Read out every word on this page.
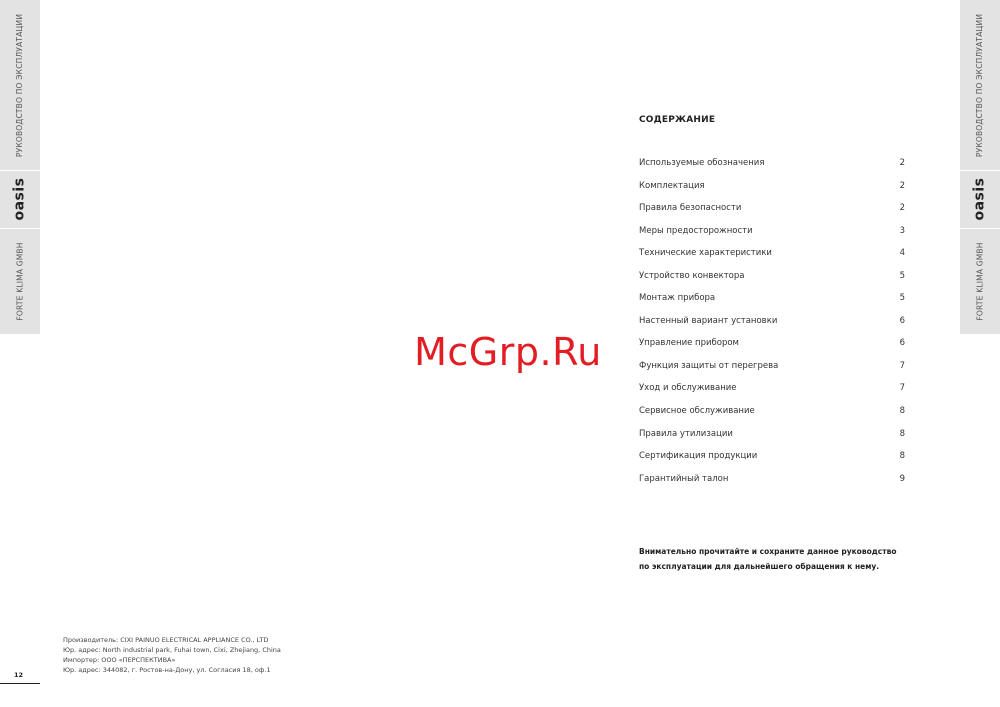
РУКОВОДСТВО ПО ЭКСПЛУАТАЦИИ
oasis
FORTE KLIMA GMBH
РУКОВОДСТВО ПО ЭКСПЛУАТАЦИИ
oasis
FORTE KLIMA GMBH
McGrp.Ru
СОДЕРЖАНИЕ
Используемые обозначения	2
Комплектация	2
Правила безопасности	2
Меры предосторожности	3
Технические характеристики	4
Устройство конвектора	5
Монтаж прибора	5
Настенный вариант установки	6
Управление прибором	6
Функция защиты от перегрева	7
Уход и обслуживание	7
Сервисное обслуживание	8
Правила утилизации	8
Сертификация продукции	8
Гарантийный талон	9
Внимательно прочитайте и сохраните данное руководство
по эксплуатации для дальнейшего обращения к нему.
Производитель: CIXI PAINUO ELECTRICAL APPLIANCE CO., LTD
Юр. адрес: North industrial park, Fuhai town, Cixi, Zhejiang, China
Импортер: ООО «ПЕРСПЕКТИВА»
Юр. адрес: 344082, г. Ростов-на-Дону, ул. Согласия 18, оф.1
12
